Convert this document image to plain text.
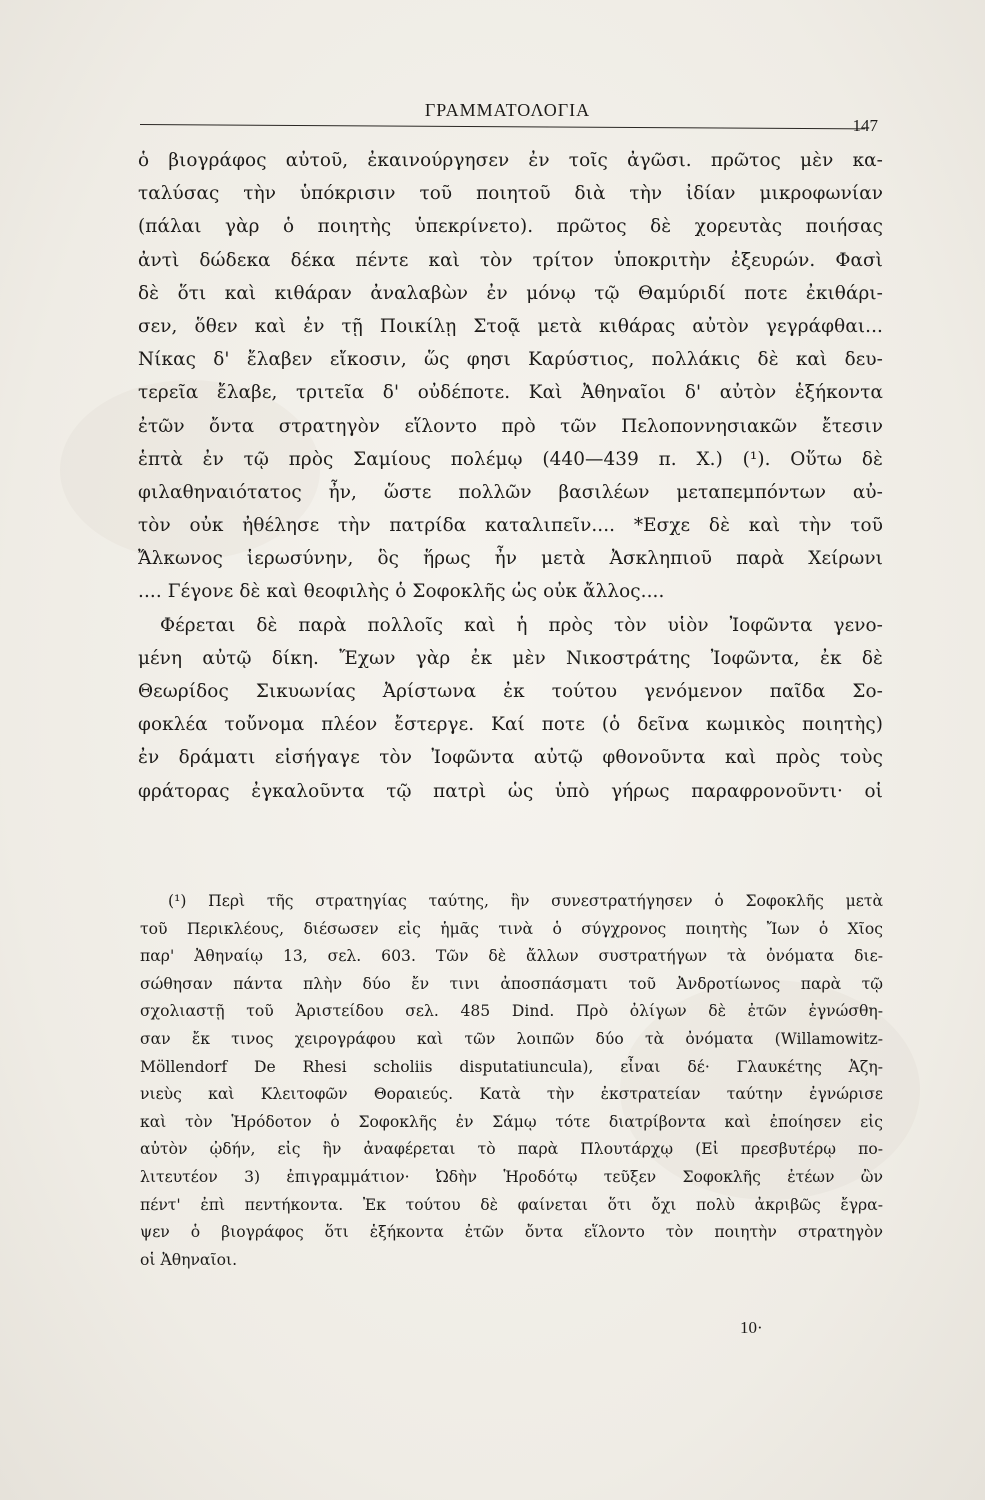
ΓΡΑΜΜΑΤΟΛΟΓΙΑ
147

ὁ βιογράφος αὐτοῦ, ἐκαινούργησεν ἐν τοῖς ἀγῶσι. πρῶτος μὲν κα-

ταλύσας τὴν ὑπόκρισιν τοῦ ποιητοῦ διὰ τὴν ἰδίαν μικροφωνίαν

(πάλαι γὰρ ὁ ποιητὴς ὑπεκρίνετο). πρῶτος δὲ χορευτὰς ποιήσας

ἀντὶ δώδεκα δέκα πέντε καὶ τὸν τρίτον ὑποκριτὴν ἐξευρών. Φασὶ

δὲ ὅτι καὶ κιθάραν ἀναλαβὼν ἐν μόνῳ τῷ Θαμύριδί ποτε ἐκιθάρι-

σεν, ὅθεν καὶ ἐν τῇ Ποικίλῃ Στοᾷ μετὰ κιθάρας αὐτὸν γεγράφθαι...

Νίκας δ' ἔλαβεν εἴκοσιν, ὥς φησι Καρύστιος, πολλάκις δὲ καὶ δευ-

τερεῖα ἔλαβε, τριτεῖα δ' οὐδέποτε. Καὶ Ἀθηναῖοι δ' αὐτὸν ἑξήκοντα

ἐτῶν ὄντα στρατηγὸν εἵλοντο πρὸ τῶν Πελοποννησιακῶν ἔτεσιν

ἑπτὰ ἐν τῷ πρὸς Σαμίους πολέμῳ (440—439 π. Χ.) (¹). Οὕτω δὲ

φιλαθηναιότατος ἦν, ὥστε πολλῶν βασιλέων μεταπεμπόντων αὐ-

τὸν οὐκ ἠθέλησε τὴν πατρίδα καταλιπεῖν.... *Εσχε δὲ καὶ τὴν τοῦ

Ἄλκωνος ἱερωσύνην, ὃς ἥρως ἦν μετὰ Ἀσκληπιοῦ παρὰ Χείρωνι

.... Γέγονε δὲ καὶ θεοφιλὴς ὁ Σοφοκλῆς ὡς οὐκ ἄλλος....

Φέρεται δὲ παρὰ πολλοῖς καὶ ἡ πρὸς τὸν υἱὸν Ἰοφῶντα γενο-

μένη αὐτῷ δίκη. Ἔχων γὰρ ἐκ μὲν Νικοστράτης Ἰοφῶντα, ἐκ δὲ

Θεωρίδος Σικυωνίας Ἀρίστωνα ἐκ τούτου γενόμενον παῖδα Σο-

φοκλέα τοὔνομα πλέον ἔστεργε. Καί ποτε (ὁ δεῖνα κωμικὸς ποιητὴς)

ἐν δράματι εἰσήγαγε τὸν Ἰοφῶντα αὐτῷ φθονοῦντα καὶ πρὸς τοὺς

φράτορας ἐγκαλοῦντα τῷ πατρὶ ὡς ὑπὸ γήρως παραφρονοῦντι· οἱ

(¹) Περὶ τῆς στρατηγίας ταύτης, ἣν συνεστρατήγησεν ὁ Σοφοκλῆς μετὰ

τοῦ Περικλέους, διέσωσεν εἰς ἡμᾶς τινὰ ὁ σύγχρονος ποιητὴς Ἴων ὁ Χῖος

παρ' Ἀθηναίῳ 13, σελ. 603. Τῶν δὲ ἄλλων συστρατήγων τὰ ὀνόματα διε-

σώθησαν πάντα πλὴν δύο ἔν τινι ἀποσπάσματι τοῦ Ἀνδροτίωνος παρὰ τῷ

σχολιαστῇ τοῦ Ἀριστείδου σελ. 485 Dind. Πρὸ ὀλίγων δὲ ἐτῶν ἐγνώσθη-

σαν ἔκ τινος χειρογράφου καὶ τῶν λοιπῶν δύο τὰ ὀνόματα (Willamowitz-

Möllendorf De Rhesi scholiis disputatiuncula), εἶναι δέ· Γλαυκέτης Ἀζη-

νιεὺς καὶ Κλειτοφῶν Θοραιεύς. Κατὰ τὴν ἐκστρατείαν ταύτην ἐγνώρισε

καὶ τὸν Ἡρόδοτον ὁ Σοφοκλῆς ἐν Σάμῳ τότε διατρίβοντα καὶ ἐποίησεν εἰς

αὐτὸν ᾠδήν, εἰς ἣν ἀναφέρεται τὸ παρὰ Πλουτάρχῳ (Εἰ πρεσβυτέρῳ πο-

λιτευτέον 3) ἐπιγραμμάτιον· Ὠδὴν Ἡροδότῳ τεῦξεν Σοφοκλῆς ἐτέων ὢν

πέντ' ἐπὶ πεντήκοντα. Ἐκ τούτου δὲ φαίνεται ὅτι ὄχι πολὺ ἀκριβῶς ἔγρα-

ψεν ὁ βιογράφος ὅτι ἑξήκοντα ἐτῶν ὄντα εἵλοντο τὸν ποιητὴν στρατηγὸν

οἱ Ἀθηναῖοι.

10·
